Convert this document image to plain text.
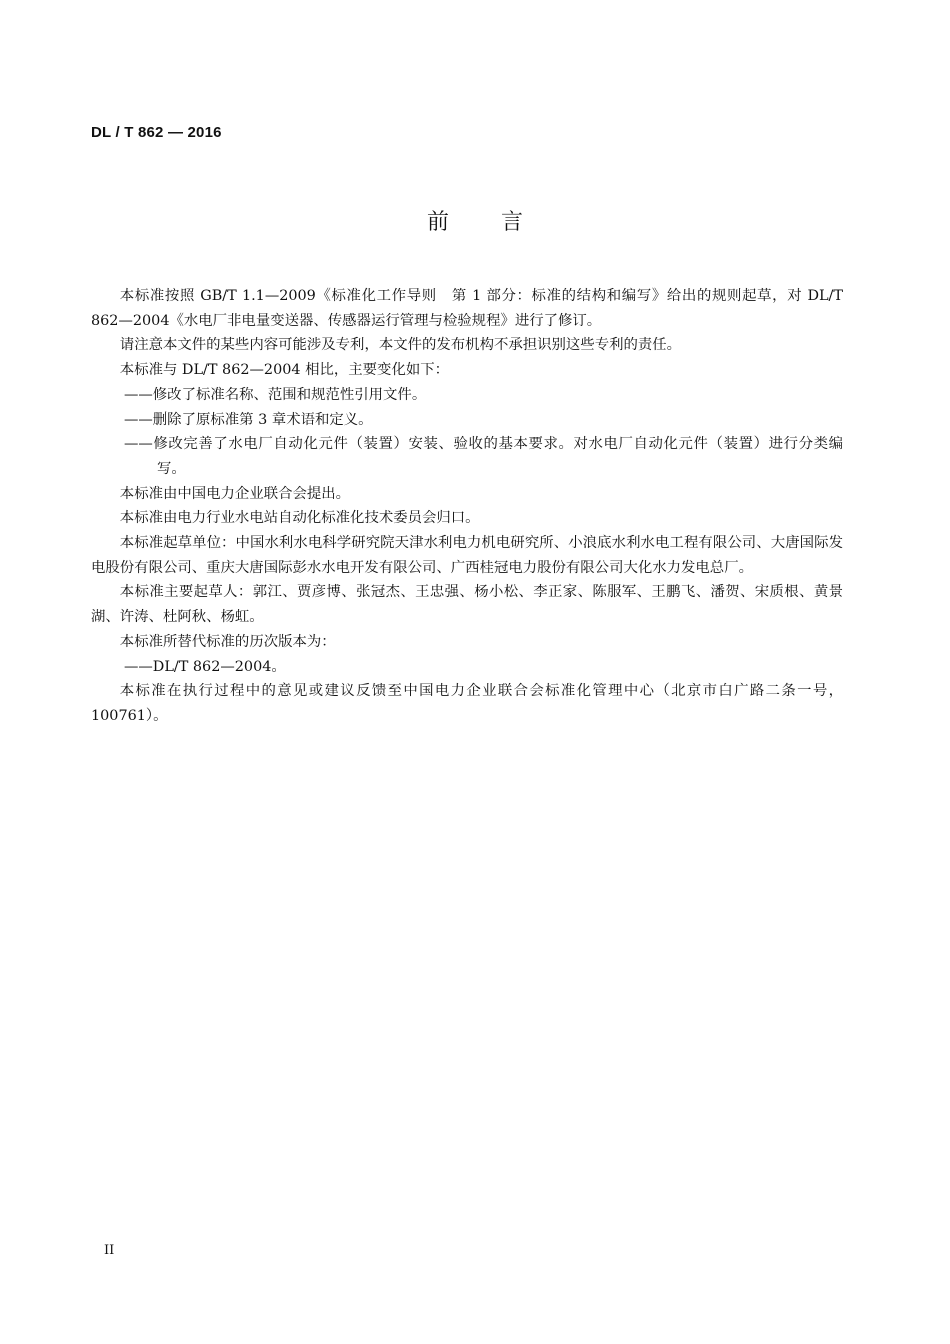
DL / T 862 — 2016
前言

本标准按照 GB/T 1.1—2009《标准化工作导则　第 1 部分：标准的结构和编写》给出的规则起草，对 DL/T 862—2004《水电厂非电量变送器、传感器运行管理与检验规程》进行了修订。

请注意本文件的某些内容可能涉及专利，本文件的发布机构不承担识别这些专利的责任。

本标准与 DL/T 862—2004 相比，主要变化如下：

——修改了标准名称、范围和规范性引用文件。

——删除了原标准第 3 章术语和定义。

——修改完善了水电厂自动化元件（装置）安装、验收的基本要求。对水电厂自动化元件（装置）进行分类编写。

本标准由中国电力企业联合会提出。

本标准由电力行业水电站自动化标准化技术委员会归口。

本标准起草单位：中国水利水电科学研究院天津水利电力机电研究所、小浪底水利水电工程有限公司、大唐国际发电股份有限公司、重庆大唐国际彭水水电开发有限公司、广西桂冠电力股份有限公司大化水力发电总厂。

本标准主要起草人：郭江、贾彦博、张冠杰、王忠强、杨小松、李正家、陈服军、王鹏飞、潘贺、宋质根、黄景湖、许涛、杜阿秋、杨虹。

本标准所替代标准的历次版本为：

——DL/T 862—2004。

本标准在执行过程中的意见或建议反馈至中国电力企业联合会标准化管理中心（北京市白广路二条一号，100761）。

II
